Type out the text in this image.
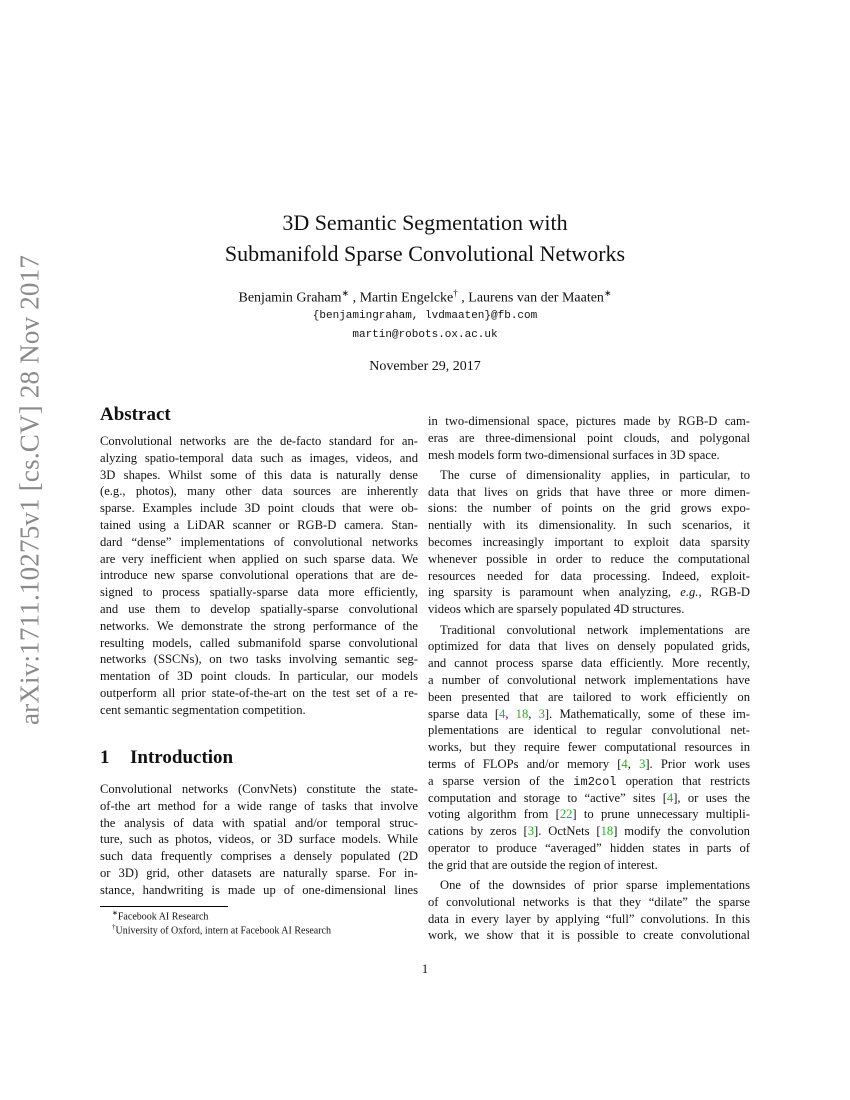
arXiv:1711.10275v1 [cs.CV] 28 Nov 2017
3D Semantic Segmentation with
Submanifold Sparse Convolutional Networks
Benjamin Graham∗ , Martin Engelcke† , Laurens van der Maaten∗
{benjamingraham, lvdmaaten}@fb.com
martin@robots.ox.ac.uk
November 29, 2017
Abstract
Convolutional networks are the de-facto standard for an-
alyzing spatio-temporal data such as images, videos, and
3D shapes. Whilst some of this data is naturally dense
(e.g., photos), many other data sources are inherently
sparse. Examples include 3D point clouds that were ob-
tained using a LiDAR scanner or RGB-D camera. Stan-
dard “dense” implementations of convolutional networks
are very inefficient when applied on such sparse data. We
introduce new sparse convolutional operations that are de-
signed to process spatially-sparse data more efficiently,
and use them to develop spatially-sparse convolutional
networks. We demonstrate the strong performance of the
resulting models, called submanifold sparse convolutional
networks (SSCNs), on two tasks involving semantic seg-
mentation of 3D point clouds. In particular, our models
outperform all prior state-of-the-art on the test set of a re-
cent semantic segmentation competition.
1 Introduction
Convolutional networks (ConvNets) constitute the state-
of-the art method for a wide range of tasks that involve
the analysis of data with spatial and/or temporal struc-
ture, such as photos, videos, or 3D surface models. While
such data frequently comprises a densely populated (2D
or 3D) grid, other datasets are naturally sparse. For in-
stance, handwriting is made up of one-dimensional lines
in two-dimensional space, pictures made by RGB-D cam-
eras are three-dimensional point clouds, and polygonal
mesh models form two-dimensional surfaces in 3D space.
The curse of dimensionality applies, in particular, to
data that lives on grids that have three or more dimen-
sions: the number of points on the grid grows expo-
nentially with its dimensionality. In such scenarios, it
becomes increasingly important to exploit data sparsity
whenever possible in order to reduce the computational
resources needed for data processing. Indeed, exploit-
ing sparsity is paramount when analyzing, e.g., RGB-D
videos which are sparsely populated 4D structures.
Traditional convolutional network implementations are
optimized for data that lives on densely populated grids,
and cannot process sparse data efficiently. More recently,
a number of convolutional network implementations have
been presented that are tailored to work efficiently on
sparse data [4, 18, 3]. Mathematically, some of these im-
plementations are identical to regular convolutional net-
works, but they require fewer computational resources in
terms of FLOPs and/or memory [4, 3]. Prior work uses
a sparse version of the im2col operation that restricts
computation and storage to “active” sites [4], or uses the
voting algorithm from [22] to prune unnecessary multipli-
cations by zeros [3]. OctNets [18] modify the convolution
operator to produce “averaged” hidden states in parts of
the grid that are outside the region of interest.
One of the downsides of prior sparse implementations
of convolutional networks is that they “dilate” the sparse
data in every layer by applying “full” convolutions. In this
work, we show that it is possible to create convolutional
∗Facebook AI Research
†University of Oxford, intern at Facebook AI Research
1
